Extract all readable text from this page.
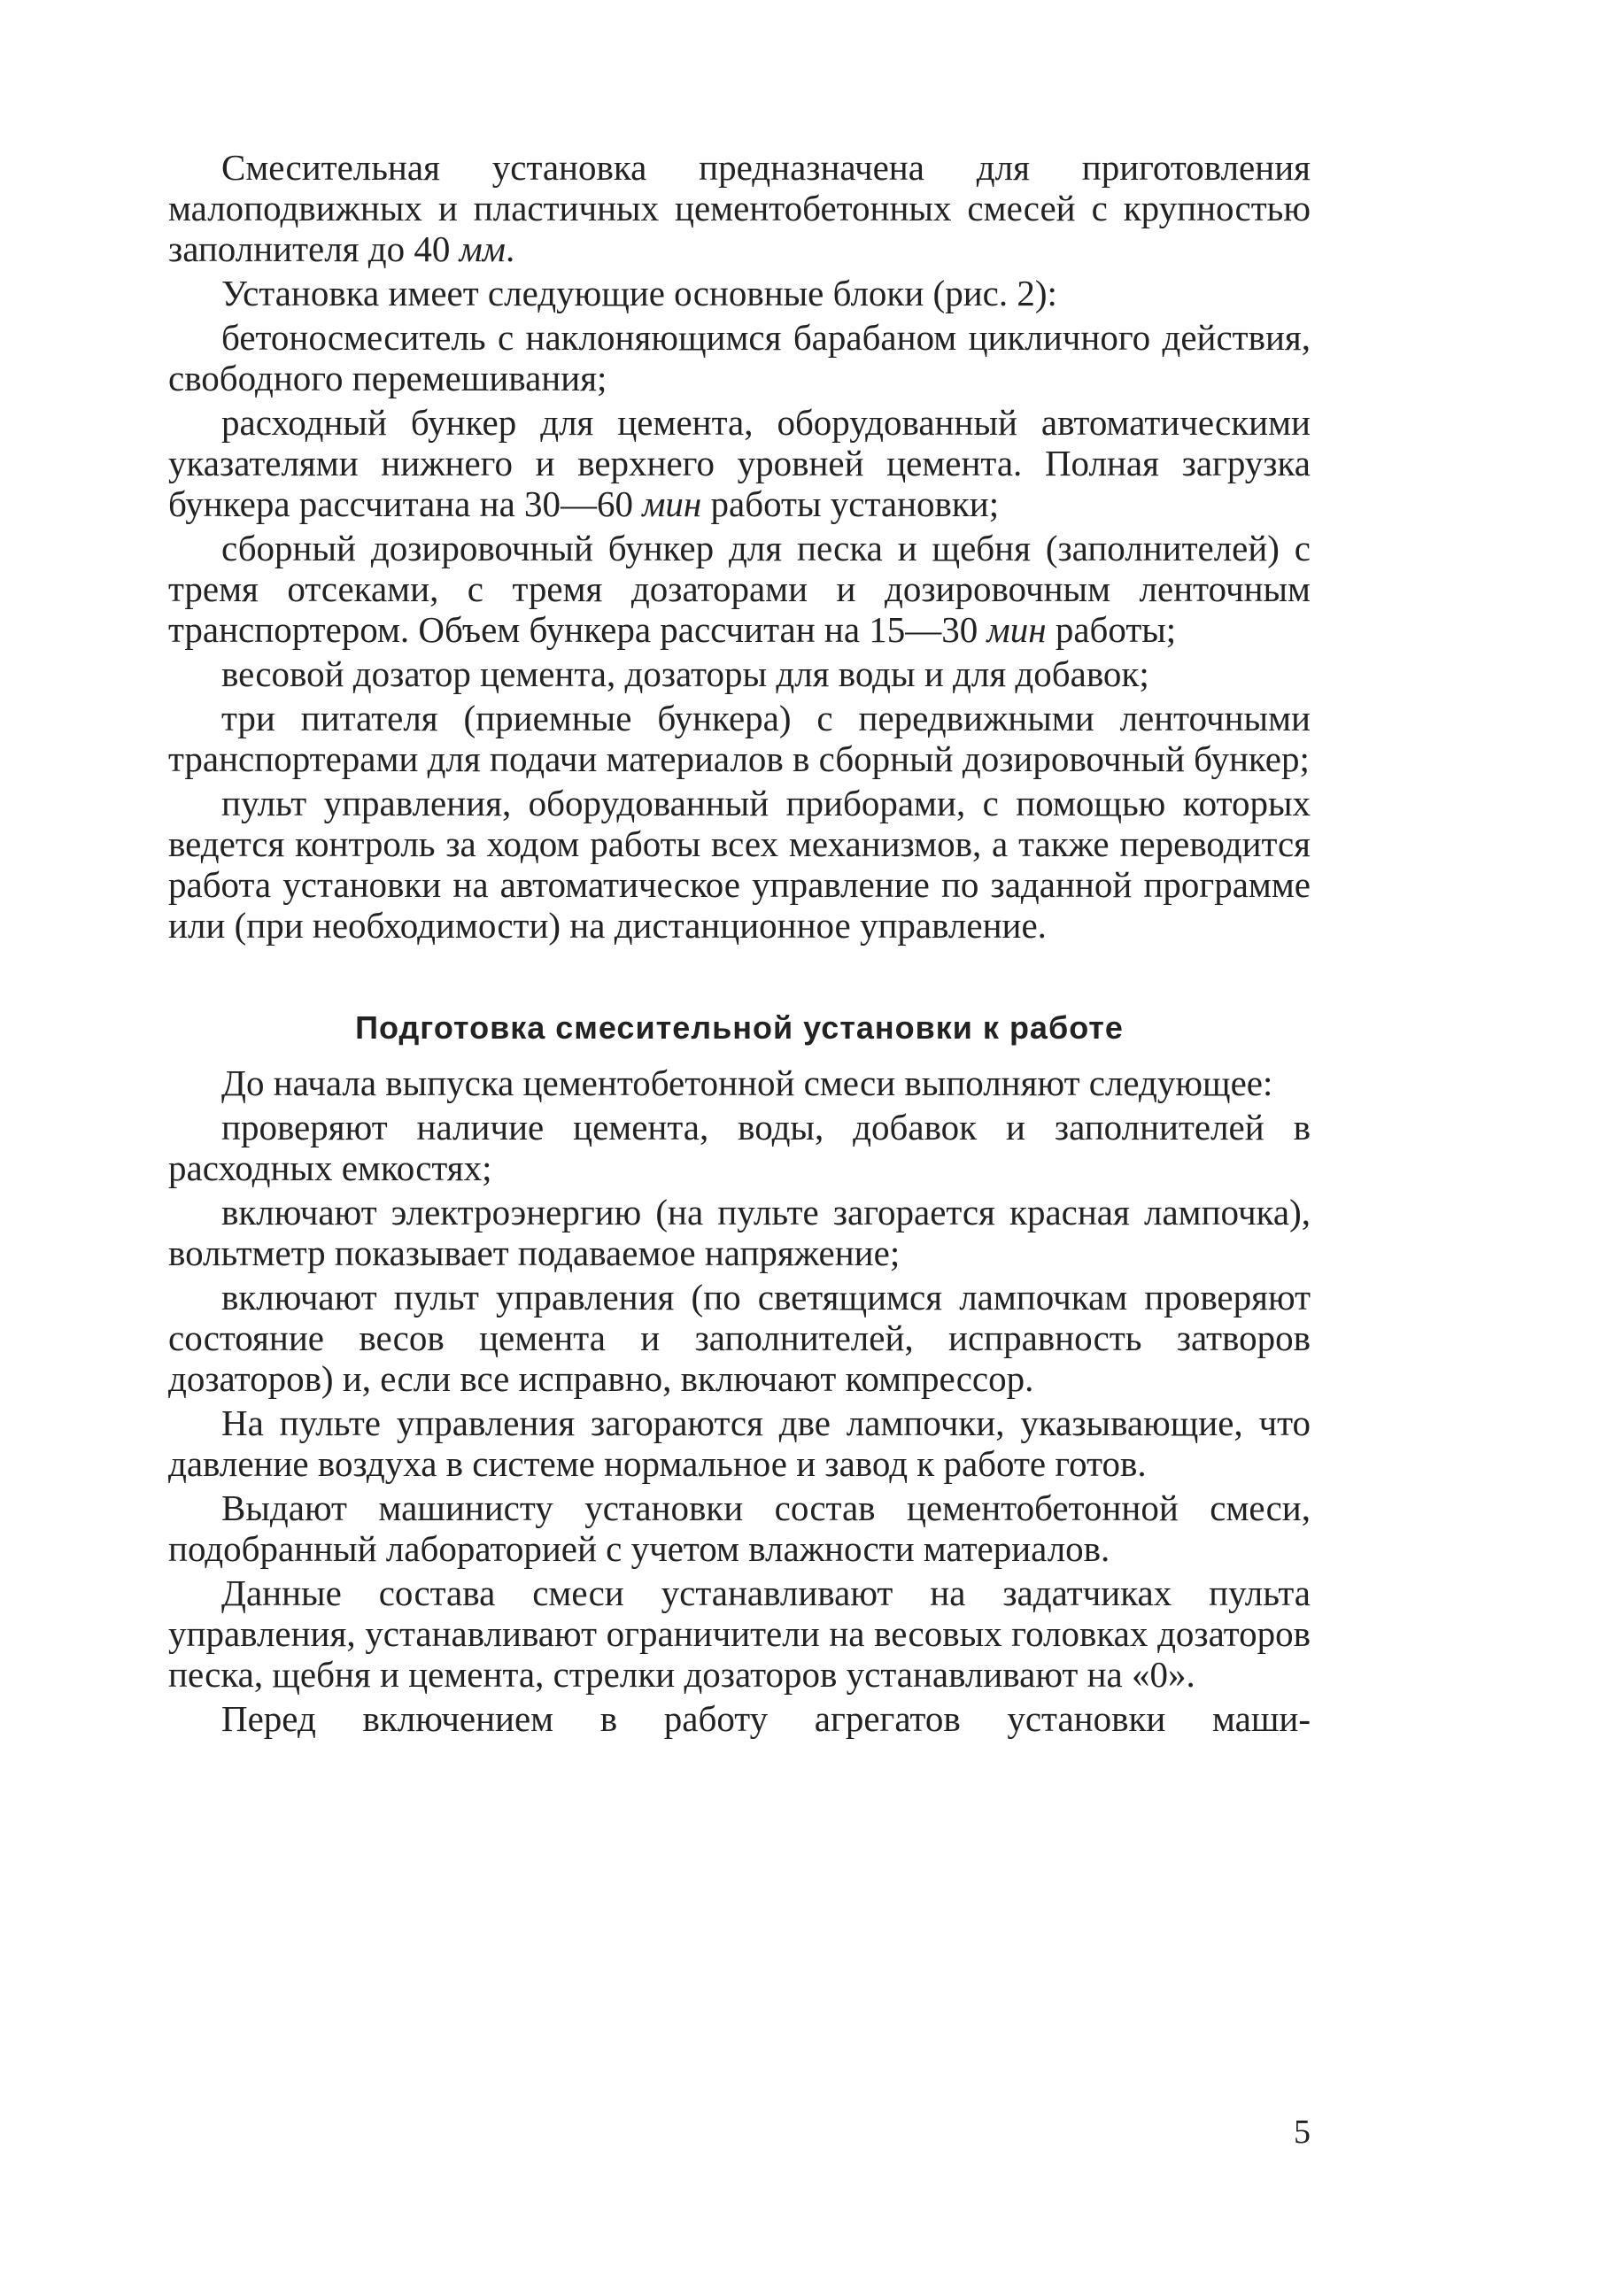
Смесительная установка предназначена для приготовления малоподвижных и пластичных цементобетонных смесей с крупностью заполнителя до 40 мм.

Установка имеет следующие основные блоки (рис. 2):

бетоносмеситель с наклоняющимся барабаном цикличного действия, свободного перемешивания;

расходный бункер для цемента, оборудованный автоматическими указателями нижнего и верхнего уровней цемента. Полная загрузка бункера рассчитана на 30—60 мин работы установки;

сборный дозировочный бункер для песка и щебня (заполнителей) с тремя отсеками, с тремя дозаторами и дозировочным ленточным транспортером. Объем бункера рассчитан на 15—30 мин работы;

весовой дозатор цемента, дозаторы для воды и для добавок;

три питателя (приемные бункера) с передвижными ленточными транспортерами для подачи материалов в сборный дозировочный бункер;

пульт управления, оборудованный приборами, с помощью которых ведется контроль за ходом работы всех механизмов, а также переводится работа установки на автоматическое управление по заданной программе или (при необходимости) на дистанционное управление.

Подготовка смесительной установки к работе

До начала выпуска цементобетонной смеси выполняют следующее:

проверяют наличие цемента, воды, добавок и заполнителей в расходных емкостях;

включают электроэнергию (на пульте загорается красная лампочка), вольтметр показывает подаваемое напряжение;

включают пульт управления (по светящимся лампочкам проверяют состояние весов цемента и заполнителей, исправность затворов дозаторов) и, если все исправно, включают компрессор.

На пульте управления загораются две лампочки, указывающие, что давление воздуха в системе нормальное и завод к работе готов.

Выдают машинисту установки состав цементобетонной смеси, подобранный лабораторией с учетом влажности материалов.

Данные состава смеси устанавливают на задатчиках пульта управления, устанавливают ограничители на весовых головках дозаторов песка, щебня и цемента, стрелки дозаторов устанавливают на «0».

Перед включением в работу агрегатов установки маши-

5
